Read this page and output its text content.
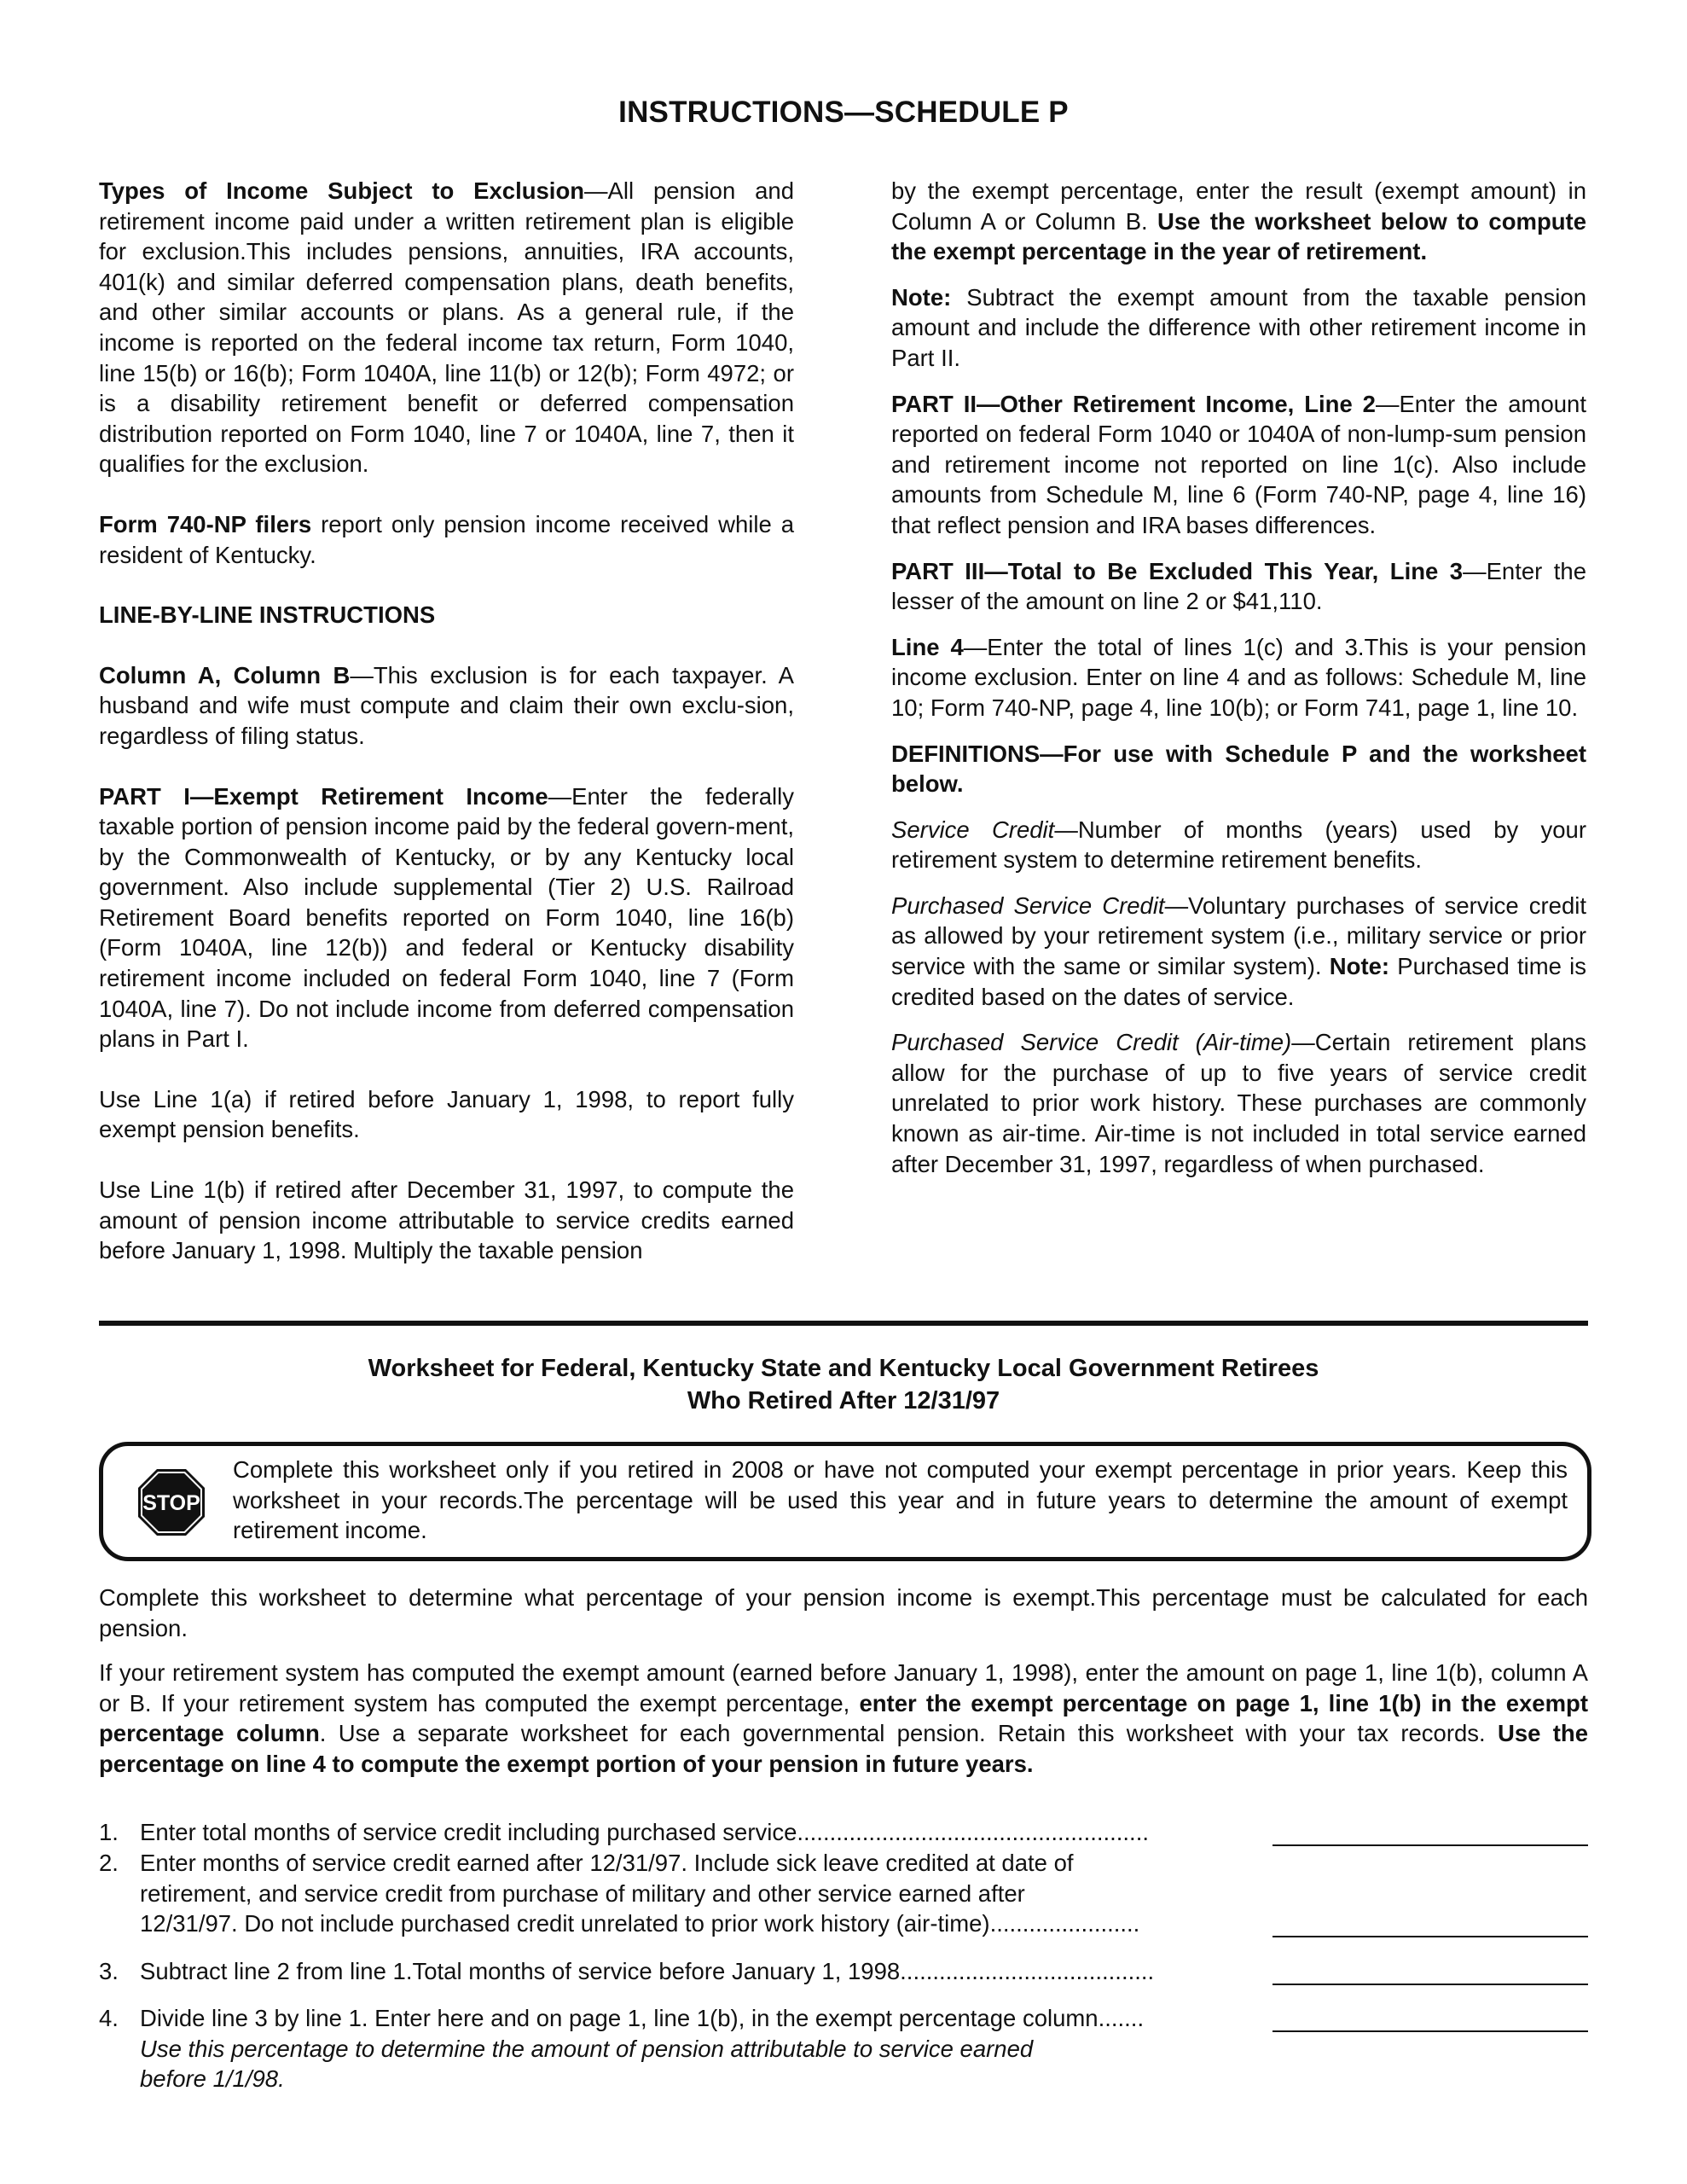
INSTRUCTIONS—SCHEDULE P

Types of Income Subject to Exclusion—All pension and retirement income paid under a written retirement plan is eligible for exclusion.This includes pensions, annuities, IRA accounts, 401(k) and similar deferred compensation plans, death benefits, and other similar accounts or plans. As a general rule, if the income is reported on the federal income tax return, Form 1040, line 15(b) or 16(b); Form 1040A, line 11(b) or 12(b); Form 4972; or is a disability retirement benefit or deferred compensation distribution reported on Form 1040, line 7 or 1040A, line 7, then it qualifies for the exclusion.

Form 740-NP filers report only pension income received while a resident of Kentucky.

LINE-BY-LINE INSTRUCTIONS

Column A, Column B—This exclusion is for each taxpayer. A husband and wife must compute and claim their own exclu-sion, regardless of filing status.

PART I—Exempt Retirement Income—Enter the federally taxable portion of pension income paid by the federal govern-ment, by the Commonwealth of Kentucky, or by any Kentucky local government. Also include supplemental (Tier 2) U.S. Railroad Retirement Board benefits reported on Form 1040, line 16(b) (Form 1040A, line 12(b)) and federal or Kentucky disability retirement income included on federal Form 1040, line 7 (Form 1040A, line 7). Do not include income from deferred compensation plans in Part I.

Use Line 1(a) if retired before January 1, 1998, to report fully exempt pension benefits.

Use Line 1(b) if retired after December 31, 1997, to compute the amount of pension income attributable to service credits earned before January 1, 1998. Multiply the taxable pension

by the exempt percentage, enter the result (exempt amount) in Column A or Column B. Use the worksheet below to compute the exempt percentage in the year of retirement.

Note: Subtract the exempt amount from the taxable pension amount and include the difference with other retirement income in Part II.

PART II—Other Retirement Income, Line 2—Enter the amount reported on federal Form 1040 or 1040A of non-lump-sum pension and retirement income not reported on line 1(c). Also include amounts from Schedule M, line 6 (Form 740-NP, page 4, line 16) that reflect pension and IRA bases differences.

PART III—Total to Be Excluded This Year, Line 3—Enter the lesser of the amount on line 2 or $41,110.

Line 4—Enter the total of lines 1(c) and 3.This is your pension income exclusion. Enter on line 4 and as follows: Schedule M, line 10; Form 740-NP, page 4, line 10(b); or Form 741, page 1, line 10.

DEFINITIONS—For use with Schedule P and the worksheet below.

Service Credit—Number of months (years) used by your retirement system to determine retirement benefits.

Purchased Service Credit—Voluntary purchases of service credit as allowed by your retirement system (i.e., military service or prior service with the same or similar system). Note: Purchased time is credited based on the dates of service.

Purchased Service Credit (Air-time)—Certain retirement plans allow for the purchase of up to five years of service credit unrelated to prior work history. These purchases are commonly known as air-time. Air-time is not included in total service earned after December 31, 1997, regardless of when purchased.

Worksheet for Federal, Kentucky State and Kentucky Local Government Retirees
Who Retired After 12/31/97
STOP
Complete this worksheet only if you retired in 2008 or have not computed your exempt percentage in prior years. Keep this worksheet in your records.The percentage will be used this year and in future years to determine the amount of exempt retirement income.
Complete this worksheet to determine what percentage of your pension income is exempt.This percentage must be calculated for each pension.
If your retirement system has computed the exempt amount (earned before January 1, 1998), enter the amount on page 1, line 1(b), column A or B. If your retirement system has computed the exempt percentage, enter the exempt percentage on page 1, line 1(b) in the exempt percentage column. Use a separate worksheet for each governmental pension. Retain this worksheet with your tax records. Use the percentage on line 4 to compute the exempt portion of your pension in future years.
1. Enter total months of service credit including purchased service......................................................
2. Enter months of service credit earned after 12/31/97. Include sick leave credited at date of
retirement, and service credit from purchase of military and other service earned after
12/31/97. Do not include purchased credit unrelated to prior work history (air-time).......................
3. Subtract line 2 from line 1.Total months of service before January 1, 1998.......................................
4. Divide line 3 by line 1. Enter here and on page 1, line 1(b), in the exempt percentage column.......
Use this percentage to determine the amount of pension attributable to service earned
before 1/1/98.
